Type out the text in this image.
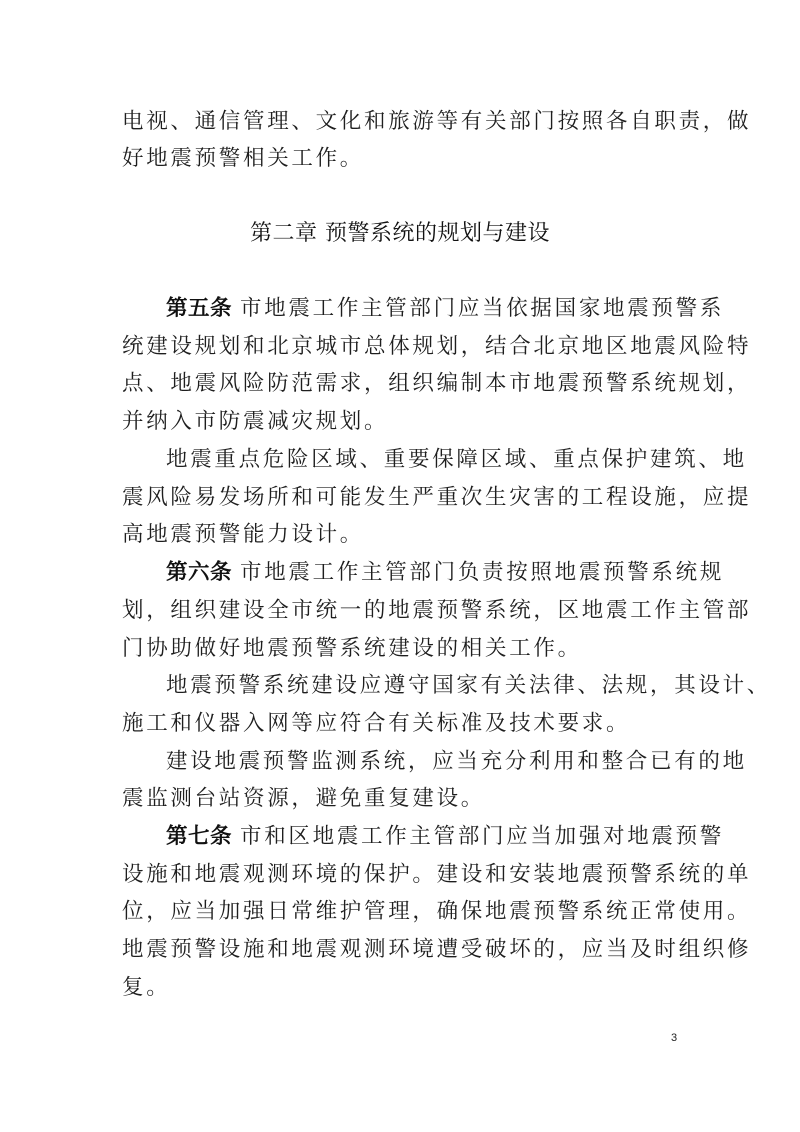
电视、通信管理、文化和旅游等有关部门按照各自职责，做
好地震预警相关工作。
第二章 预警系统的规划与建设
第五条 市地震工作主管部门应当依据国家地震预警系
统建设规划和北京城市总体规划，结合北京地区地震风险特
点、地震风险防范需求，组织编制本市地震预警系统规划，
并纳入市防震减灾规划。
地震重点危险区域、重要保障区域、重点保护建筑、地
震风险易发场所和可能发生严重次生灾害的工程设施，应提
高地震预警能力设计。
第六条 市地震工作主管部门负责按照地震预警系统规
划，组织建设全市统一的地震预警系统，区地震工作主管部
门协助做好地震预警系统建设的相关工作。
地震预警系统建设应遵守国家有关法律、法规，其设计、
施工和仪器入网等应符合有关标准及技术要求。
建设地震预警监测系统，应当充分利用和整合已有的地
震监测台站资源，避免重复建设。
第七条 市和区地震工作主管部门应当加强对地震预警
设施和地震观测环境的保护。建设和安装地震预警系统的单
位，应当加强日常维护管理，确保地震预警系统正常使用。
地震预警设施和地震观测环境遭受破坏的，应当及时组织修
复。
3
